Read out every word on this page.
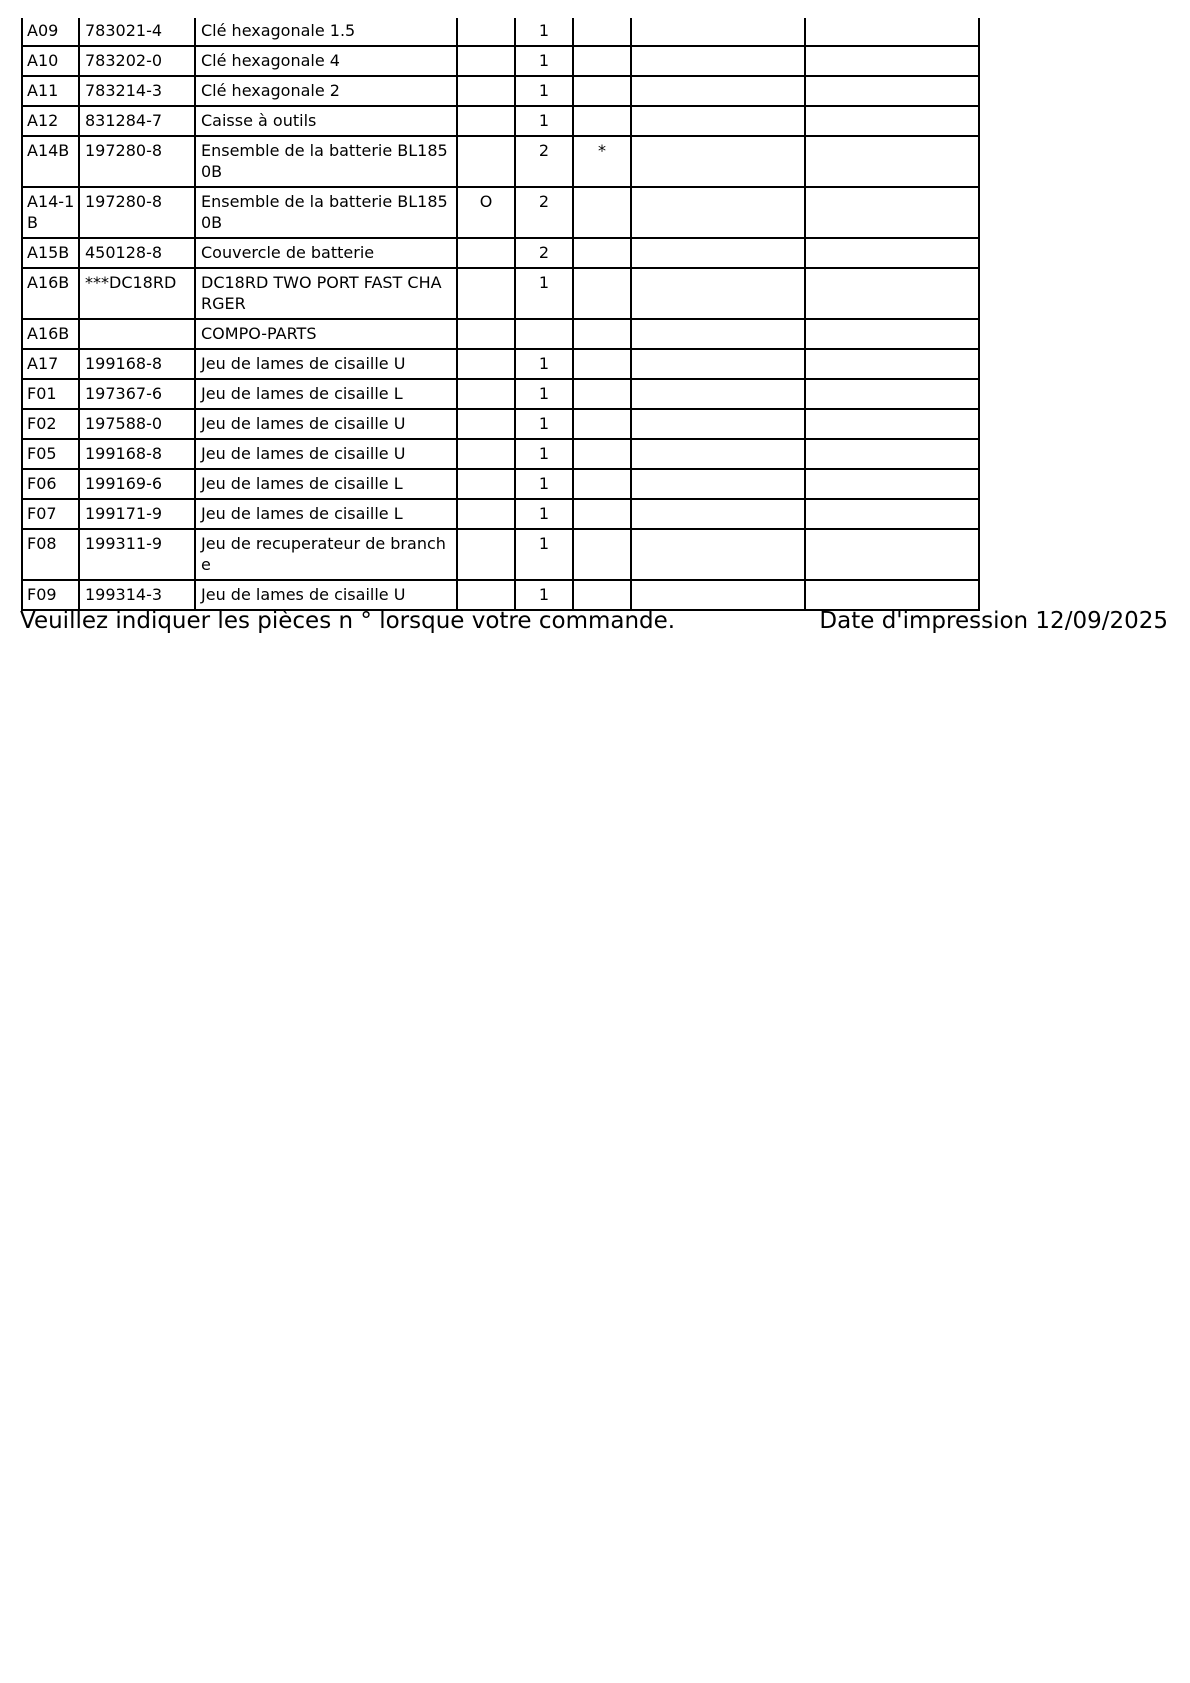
A09	783021-4	Clé hexagonale 1.5		1			
A10	783202-0	Clé hexagonale 4		1			
A11	783214-3	Clé hexagonale 2		1			
A12	831284-7	Caisse à outils		1			
A14B	197280-8	Ensemble de la batterie BL1850B		2	*		
A14-1B	197280-8	Ensemble de la batterie BL1850B	O	2			
A15B	450128-8	Couvercle de batterie		2			
A16B	***DC18RD	DC18RD TWO PORT FAST CHARGER		1			
A16B		COMPO-PARTS					
A17	199168-8	Jeu de lames de cisaille U		1			
F01	197367-6	Jeu de lames de cisaille L		1			
F02	197588-0	Jeu de lames de cisaille U		1			
F05	199168-8	Jeu de lames de cisaille U		1			
F06	199169-6	Jeu de lames de cisaille L		1			
F07	199171-9	Jeu de lames de cisaille L		1			
F08	199311-9	Jeu de recuperateur de branche		1			
F09	199314-3	Jeu de lames de cisaille U		1			
Veuillez indiquer les pièces n ° lorsque votre commande.	Date d'impression 12/09/2025
